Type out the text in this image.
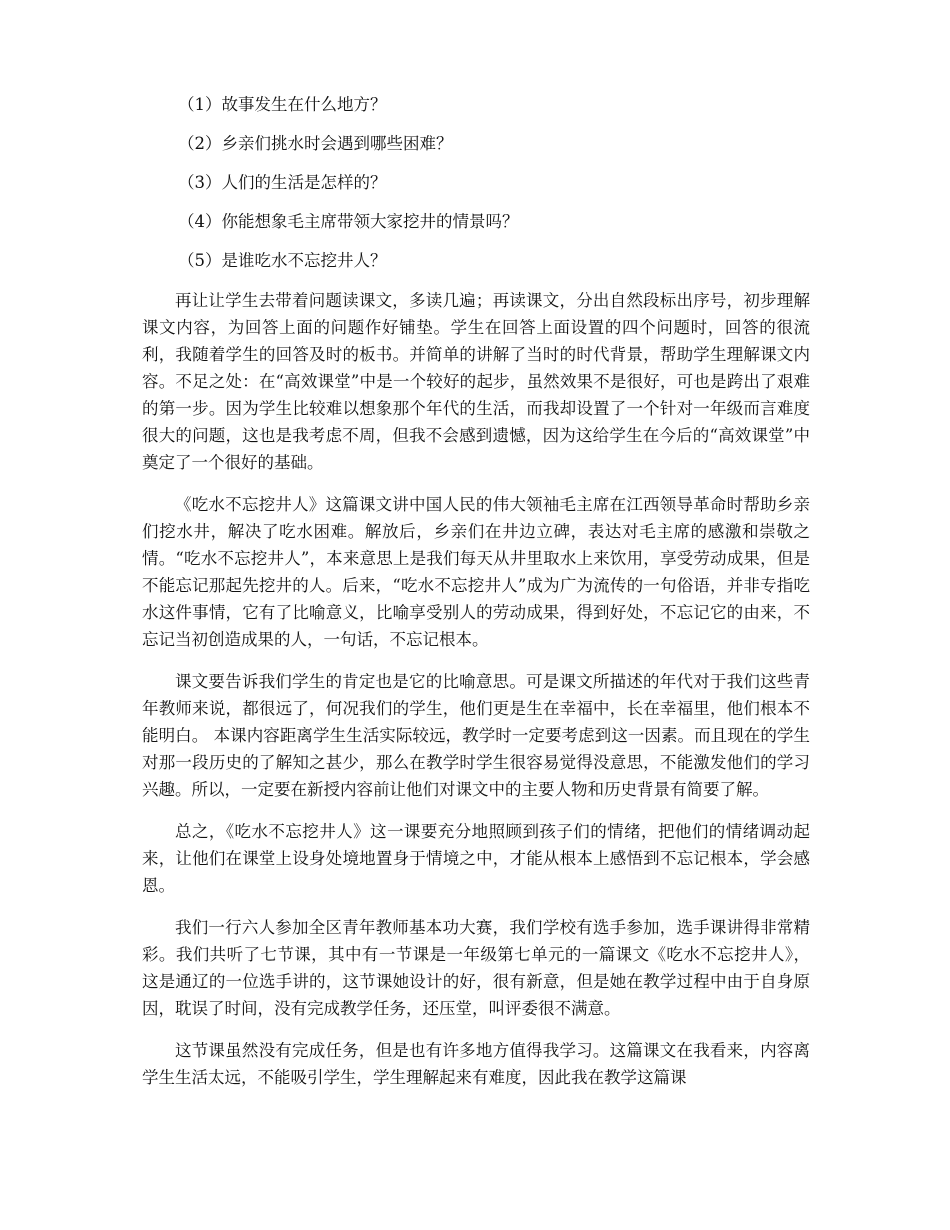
（1）故事发生在什么地方？
（2）乡亲们挑水时会遇到哪些困难？
（3）人们的生活是怎样的？
（4）你能想象毛主席带领大家挖井的情景吗？
（5）是谁吃水不忘挖井人？

再让让学生去带着问题读课文，多读几遍；再读课文，分出自然段标出序号，初步理解课文内容，为回答上面的问题作好铺垫。学生在回答上面设置的四个问题时，回答的很流利，我随着学生的回答及时的板书。并简单的讲解了当时的时代背景，帮助学生理解课文内容。不足之处：在“高效课堂”中是一个较好的起步，虽然效果不是很好，可也是跨出了艰难的第一步。因为学生比较难以想象那个年代的生活，而我却设置了一个针对一年级而言难度很大的问题，这也是我考虑不周，但我不会感到遗憾，因为这给学生在今后的“高效课堂”中奠定了一个很好的基础。

《吃水不忘挖井人》这篇课文讲中国人民的伟大领袖毛主席在江西领导革命时帮助乡亲们挖水井，解决了吃水困难。解放后，乡亲们在井边立碑，表达对毛主席的感激和崇敬之情。“吃水不忘挖井人”，本来意思上是我们每天从井里取水上来饮用，享受劳动成果，但是不能忘记那起先挖井的人。后来，“吃水不忘挖井人”成为广为流传的一句俗语，并非专指吃水这件事情，它有了比喻意义，比喻享受别人的劳动成果，得到好处，不忘记它的由来，不忘记当初创造成果的人，一句话，不忘记根本。

课文要告诉我们学生的肯定也是它的比喻意思。可是课文所描述的年代对于我们这些青年教师来说，都很远了，何况我们的学生，他们更是生在幸福中，长在幸福里，他们根本不能明白。 本课内容距离学生生活实际较远，教学时一定要考虑到这一因素。而且现在的学生对那一段历史的了解知之甚少，那么在教学时学生很容易觉得没意思，不能激发他们的学习兴趣。所以，一定要在新授内容前让他们对课文中的主要人物和历史背景有简要了解。

总之，《吃水不忘挖井人》这一课要充分地照顾到孩子们的情绪，把他们的情绪调动起来，让他们在课堂上设身处境地置身于情境之中，才能从根本上感悟到不忘记根本，学会感恩。

我们一行六人参加全区青年教师基本功大赛，我们学校有选手参加，选手课讲得非常精彩。我们共听了七节课，其中有一节课是一年级第七单元的一篇课文《吃水不忘挖井人》，这是通辽的一位选手讲的，这节课她设计的好，很有新意，但是她在教学过程中由于自身原因，耽误了时间，没有完成教学任务，还压堂，叫评委很不满意。

这节课虽然没有完成任务，但是也有许多地方值得我学习。这篇课文在我看来，内容离学生生活太远，不能吸引学生，学生理解起来有难度，因此我在教学这篇课
